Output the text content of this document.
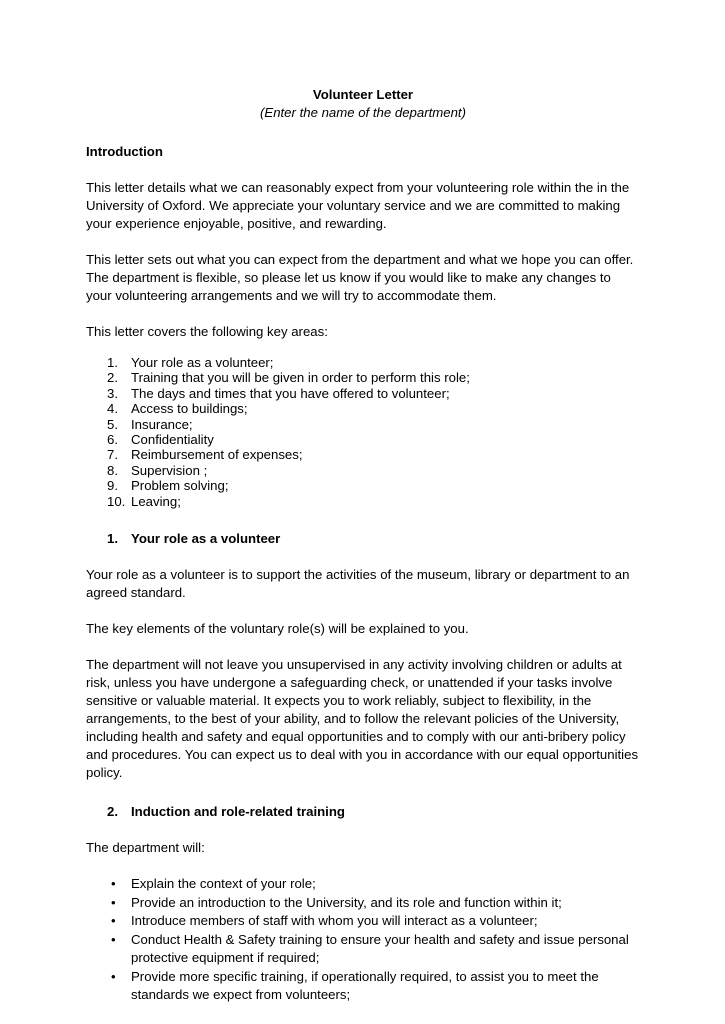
Volunteer Letter
(Enter the name of the department)
Introduction

This letter details what we can reasonably expect from your volunteering role within the in the University of Oxford. We appreciate your voluntary service and we are committed to making your experience enjoyable, positive, and rewarding.

This letter sets out what you can expect from the department and what we hope you can offer. The department is flexible, so please let us know if you would like to make any changes to your volunteering arrangements and we will try to accommodate them.

This letter covers the following key areas:

1. Your role as a volunteer;
2. Training that you will be given in order to perform this role;
3. The days and times that you have offered to volunteer;
4. Access to buildings;
5. Insurance;
6. Confidentiality
7. Reimbursement of expenses;
8. Supervision ;
9. Problem solving;
10. Leaving;
1. Your role as a volunteer

Your role as a volunteer is to support the activities of the museum, library or department to an agreed standard.

The key elements of the voluntary role(s) will be explained to you.

The department will not leave you unsupervised in any activity involving children or adults at risk, unless you have undergone a safeguarding check, or unattended if your tasks involve sensitive or valuable material. It expects you to work reliably, subject to flexibility, in the arrangements, to the best of your ability, and to follow the relevant policies of the University, including health and safety and equal opportunities and to comply with our anti-bribery policy and procedures. You can expect us to deal with you in accordance with our equal opportunities policy.

2. Induction and role-related training

The department will:

• Explain the context of your role;
• Provide an introduction to the University, and its role and function within it;
• Introduce members of staff with whom you will interact as a volunteer;
• Conduct Health & Safety training to ensure your health and safety and issue personal protective equipment if required;
• Provide more specific training, if operationally required, to assist you to meet the standards we expect from volunteers;
